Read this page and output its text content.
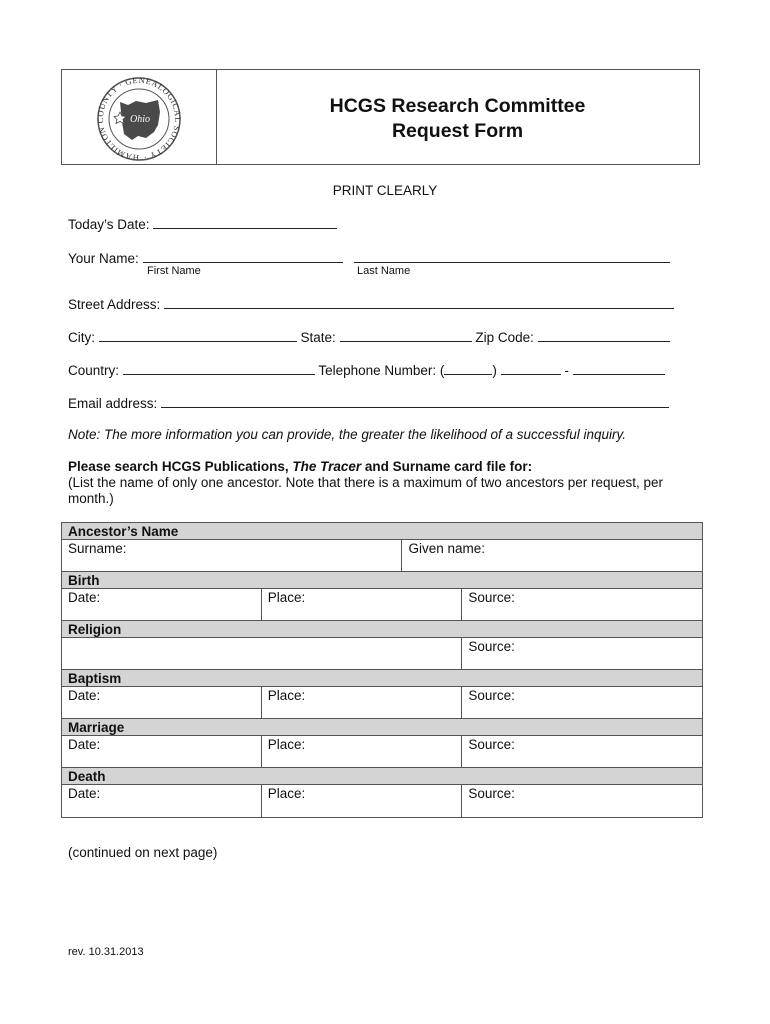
HAMILTON COUNTY · GENEALOGICAL SOCIETY ·
Ohio
HCGS Research Committee
Request Form
PRINT CLEARLY
Today’s Date:
Your Name:
First Name	Last Name
Street Address:
City:	State:	Zip Code:
Country:	Telephone Number: (	)	-
Email address:
Note: The more information you can provide, the greater the likelihood of a successful inquiry.
Please search HCGS Publications, The Tracer and Surname card file for:
(List the name of only one ancestor. Note that there is a maximum of two ancestors per request, per month.)
Ancestor’s Name			
Surname:		Given name:	
Birth			
Date:	Place:		Source:
Religion			
			Source:
Baptism			
Date:	Place:		Source:
Marriage			
Date:	Place:		Source:
Death			
Date:	Place:		Source:
(continued on next page)
rev. 10.31.2013
